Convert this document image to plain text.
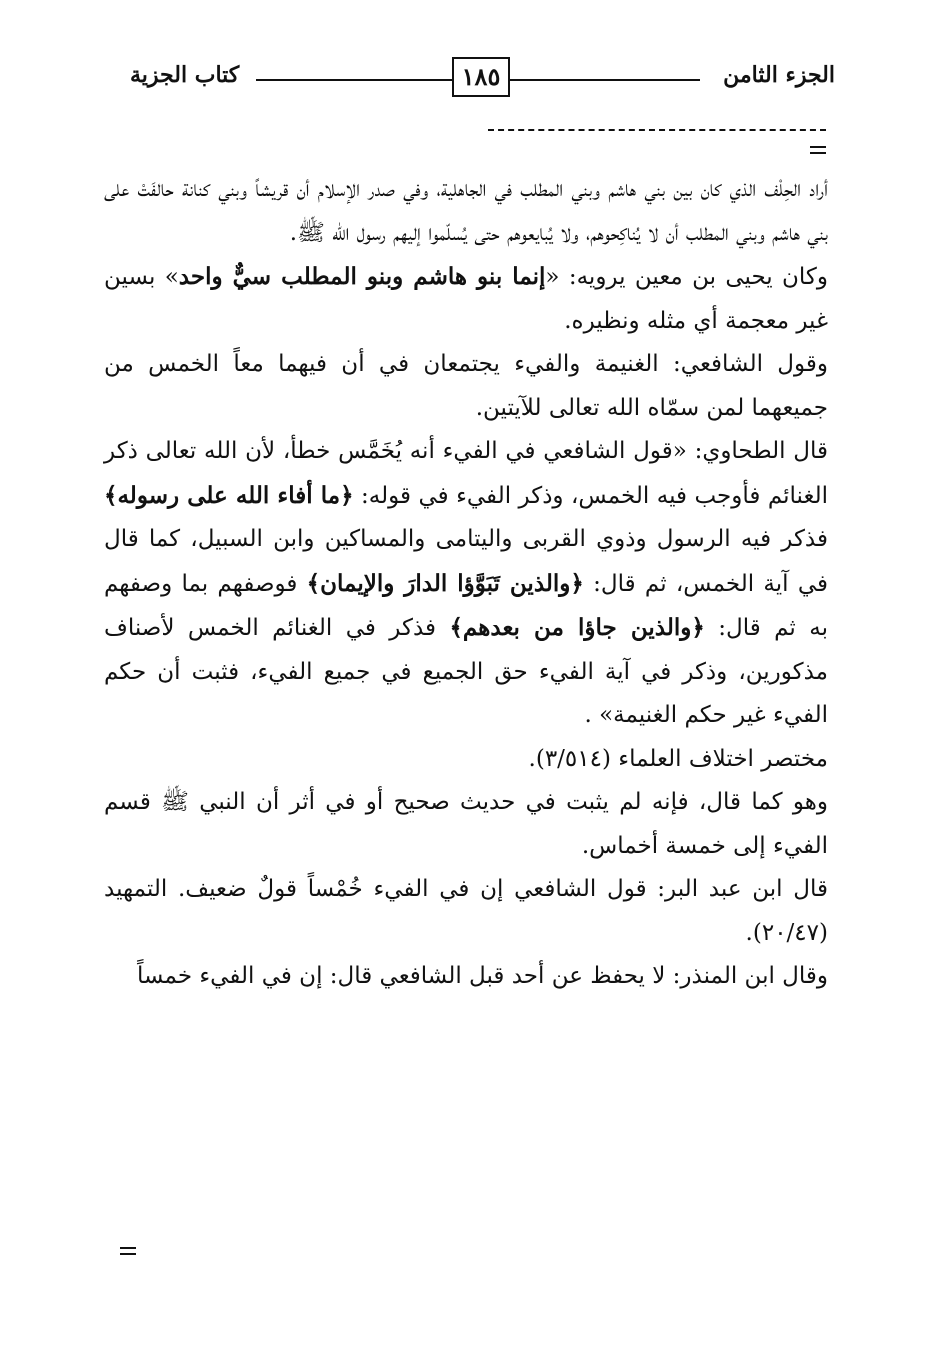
الجزء الثامن
١٨٥
كتاب الجزية

أراد الحِلْف الذي كان بين بني هاشم وبني المطلب في الجاهلية، وفي صدر الإسلام أن قريشاً وبني كنانة حالفَتْ على بني هاشم وبني المطلب أن لا يُناكِحوهم، ولا يُبايعوهم حتى يُسلّموا إليهم رسول الله ﷺ.

وكان يحيى بن معين يرويه: «إنما بنو هاشم وبنو المطلب سيٌّ واحد» بسين غير معجمة أي مثله ونظيره.

وقول الشافعي: الغنيمة والفيء يجتمعان في أن فيهما معاً الخمس من جميعهما لمن سمّاه الله تعالى للآيتين.

قال الطحاوي: «قول الشافعي في الفيء أنه يُخَمَّس خطأ، لأن الله تعالى ذكر الغنائم فأوجب فيه الخمس، وذكر الفيء في قوله: ﴿ما أفاء الله على رسوله﴾ فذكر فيه الرسول وذوي القربى واليتامى والمساكين وابن السبيل، كما قال في آية الخمس، ثم قال: ﴿والذين تَبَوَّؤا الدارَ والإيمان﴾ فوصفهم بما وصفهم به ثم قال: ﴿والذين جاؤا من بعدهم﴾ فذكر في الغنائم الخمس لأصناف مذكورين، وذكر في آية الفيء حق الجميع في جميع الفيء، فثبت أن حكم الفيء غير حكم الغنيمة» .

مختصر اختلاف العلماء (٣/٥١٤).

وهو كما قال، فإنه لم يثبت في حديث صحيح أو في أثر أن النبي ﷺ قسم الفيء إلى خمسة أخماس.

قال ابن عبد البر: قول الشافعي إن في الفيء خُمْساً قولٌ ضعيف. التمهيد (٢٠/٤٧).

وقال ابن المنذر: لا يحفظ عن أحد قبل الشافعي قال: إن في الفيء خمساً
